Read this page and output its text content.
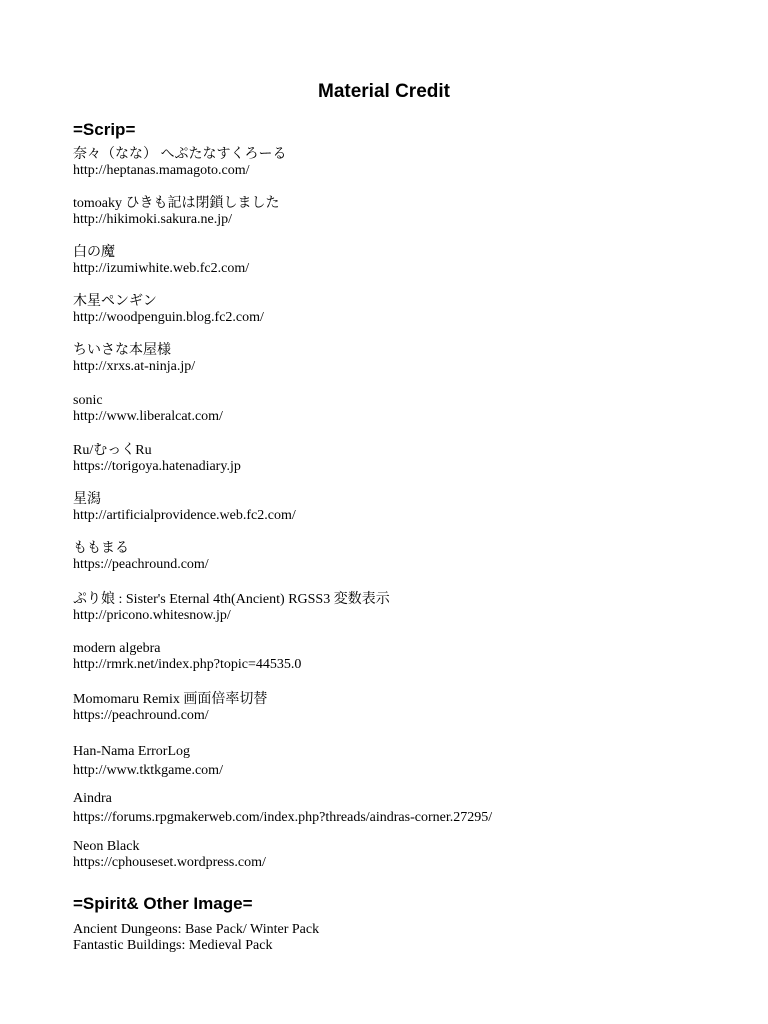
Material Credit
=Scrip=
奈々（なな） へぷたなすくろーる
http://heptanas.mamagoto.com/
tomoaky ひきも記は閉鎖しました
http://hikimoki.sakura.ne.jp/
白の魔
http://izumiwhite.web.fc2.com/
木星ペンギン
http://woodpenguin.blog.fc2.com/
ちいさな本屋様
http://xrxs.at-ninja.jp/
sonic
http://www.liberalcat.com/
Ru/むっくRu
https://torigoya.hatenadiary.jp
星潟
http://artificialprovidence.web.fc2.com/
ももまる
https://peachround.com/
ぷり娘 : Sister's Eternal 4th(Ancient) RGSS3 変数表示
http://pricono.whitesnow.jp/
modern algebra
http://rmrk.net/index.php?topic=44535.0
Momomaru Remix 画面倍率切替
https://peachround.com/
Han-Nama ErrorLog
http://www.tktkgame.com/
Aindra
https://forums.rpgmakerweb.com/index.php?threads/aindras-corner.27295/
Neon Black
https://cphouseset.wordpress.com/
=Spirit& Other Image=
Ancient Dungeons: Base Pack/ Winter Pack
Fantastic Buildings: Medieval Pack
